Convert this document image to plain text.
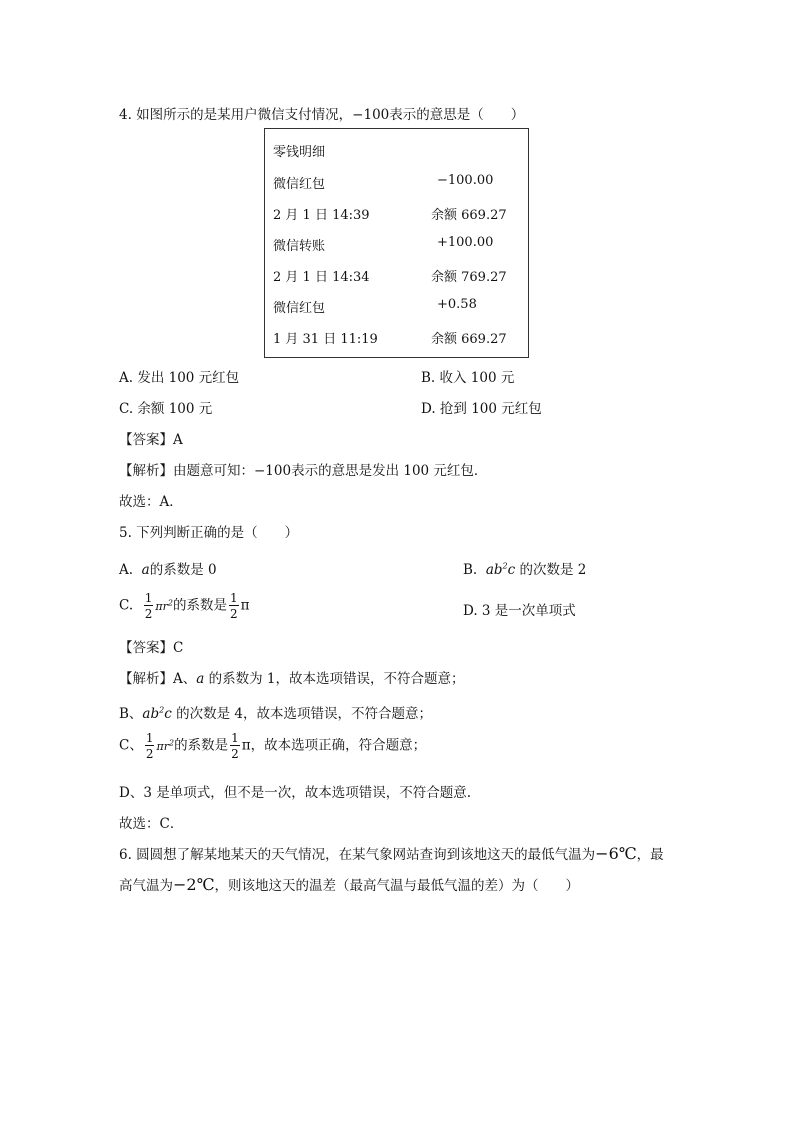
4. 如图所示的是某用户微信支付情况，−100表示的意思是（　　）
零钱明细
微信红包	−100.00
2 月 1 日 14:39	余额 669.27
微信转账	+100.00
2 月 1 日 14:34	余额 769.27
微信红包	+0.58
1 月 31 日 11:19	余额 669.27
A. 发出 100 元红包	B. 收入 100 元
C. 余额 100 元	D. 抢到 100 元红包
【答案】A
【解析】由题意可知：−100表示的意思是发出 100 元红包．
故选：A．
5. 下列判断正确的是（　　）
A. a的系数是 0	B. $ab^2c$ 的次数是 2
C. $\frac{1}{2} \pi r^2$的系数是 $\frac{1}{2}$ π	D. 3 是一次单项式
【答案】C
【解析】A、a 的系数为 1，故本选项错误，不符合题意；
B、$ab^2c$ 的次数是 4，故本选项错误，不符合题意；
C、 $\frac{1}{2} \pi r^2$的系数是 $\frac{1}{2}$ π，故本选项正确，符合题意；
D、3 是单项式，但不是一次，故本选项错误，不符合题意.
故选：C．
6. 圆圆想了解某地某天的天气情况，在某气象网站查询到该地这天的最低气温为−6℃，最
高气温为−2℃，则该地这天的温差（最高气温与最低气温的差）为（　　）
